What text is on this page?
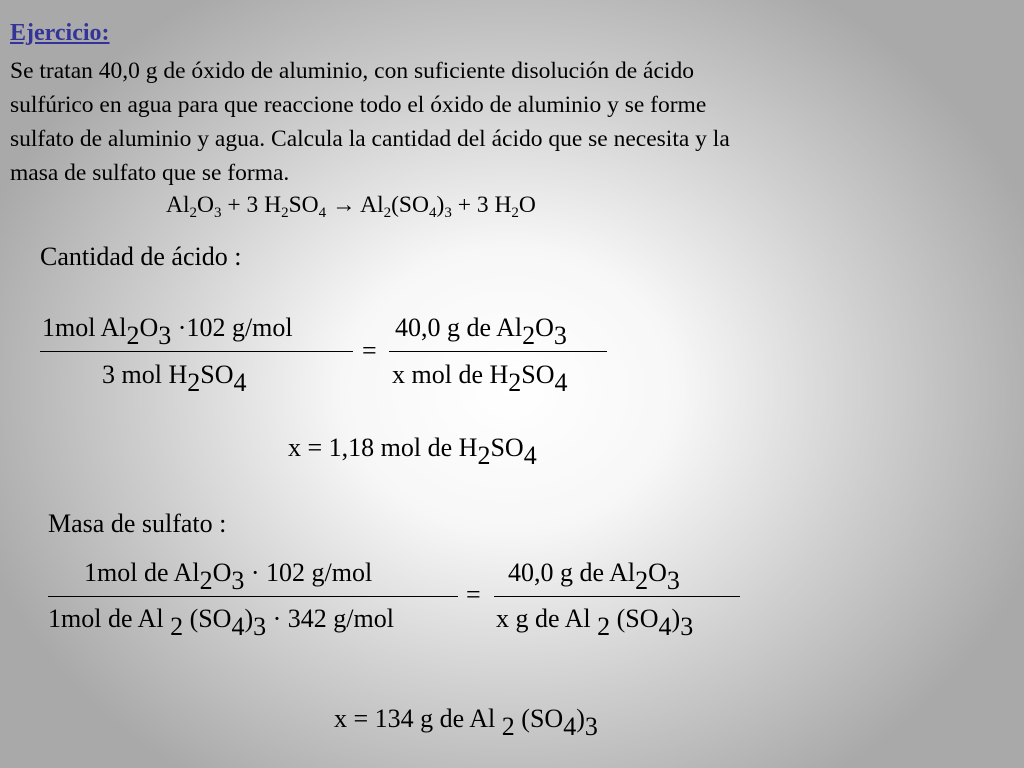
Ejercicio:

Se tratan 40,0 g de óxido de aluminio, con suficiente disolución de ácido

sulfúrico en agua para que reaccione todo el óxido de aluminio y se forme

sulfato de aluminio y agua. Calcula la cantidad del ácido que se necesita y la

masa de sulfato que se forma.

$Al_2O_3 + 3$ $H_2SO_4 \to Al_2(SO_4)_3 + 3$ $H_2O$
Cantidad de ácido :
1mol Al2O3 ·102 g/mol
3 mol H2SO4
=
40,0 g de Al2O3
x mol de H2SO4
x = 1,18 mol de H2SO4
Masa de sulfato :
1mol de Al2O3 · 102 g/mol
1mol de Al 2 (SO4)3 · 342 g/mol
=
40,0 g de Al2O3
x g de Al 2 (SO4)3
x = 134 g de Al 2 (SO4)3
